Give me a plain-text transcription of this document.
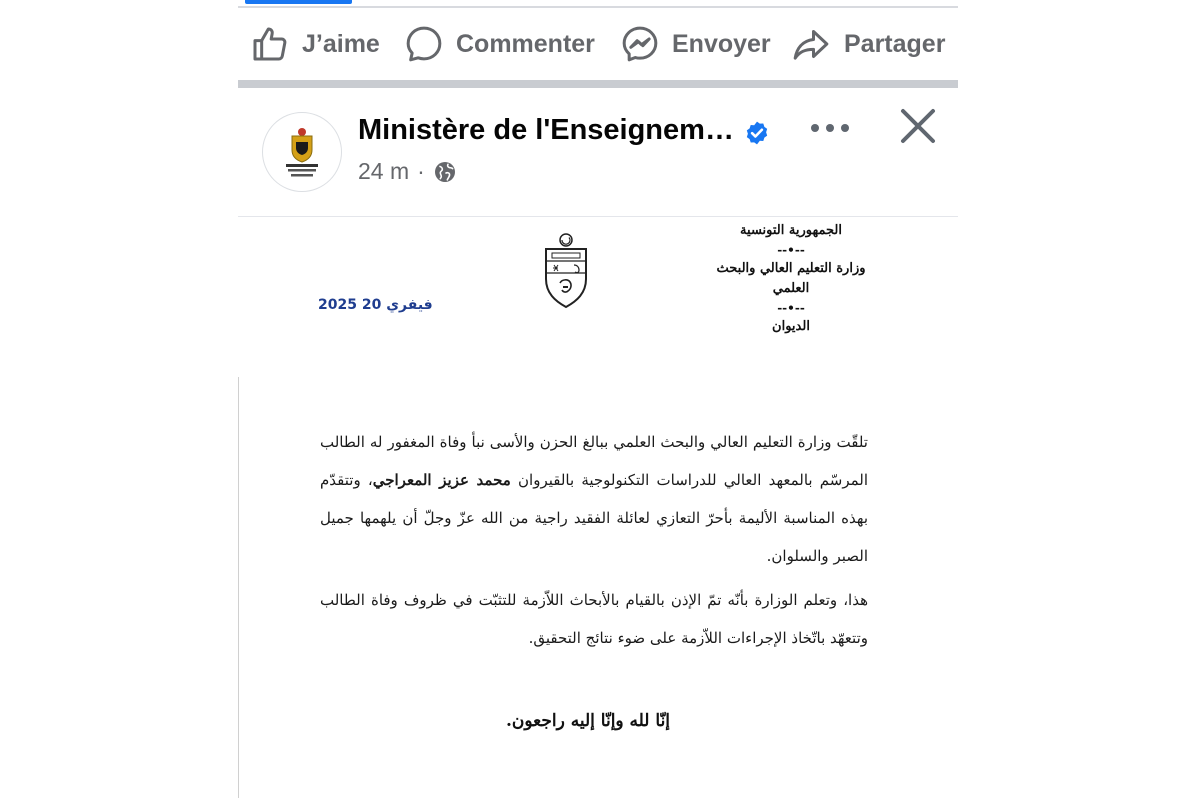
J’aime	Commenter	Envoyer	Partager
Ministère de l'Enseignem…
24 m ·
الجمهورية التونسية
--•--
وزارة التعليم العالي والبحث العلمي
--•--
الديوان
2025 فيفري 20

تلقّت وزارة التعليم العالي والبحث العلمي ببالغ الحزن والأسى نبأ وفاة المغفور له الطالب المرسّم بالمعهد العالي للدراسات التكنولوجية بالقيروان محمد عزيز المعراجي، وتتقدّم بهذه المناسبة الأليمة بأحرّ التعازي لعائلة الفقيد راجية من الله عزّ وجلّ أن يلهمها جميل الصبر والسلوان.

هذا، وتعلم الوزارة بأنّه تمّ الإذن بالقيام بالأبحاث اللاّزمة للتثبّت في ظروف وفاة الطالب وتتعهّد باتّخاذ الإجراءات اللاّزمة على ضوء نتائج التحقيق.

إنّا لله وإنّا إليه راجعون.
